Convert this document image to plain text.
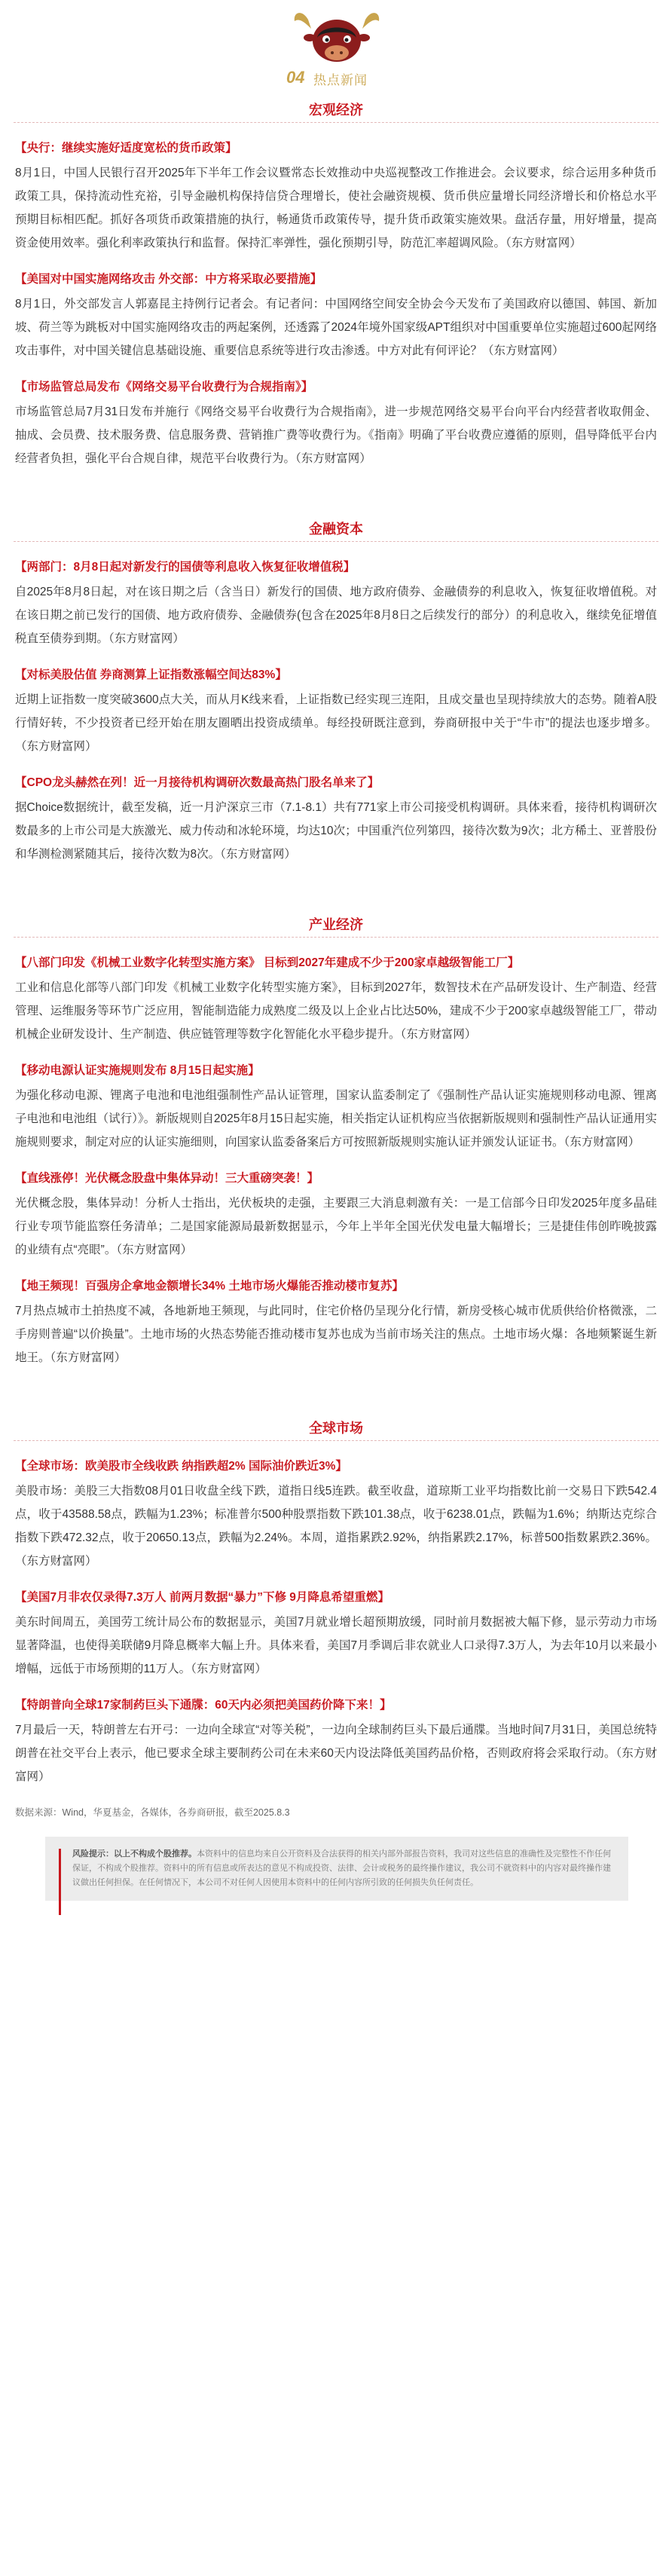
04 热点新闻
宏观经济

【央行：继续实施好适度宽松的货币政策】

8月1日，中国人民银行召开2025年下半年工作会议暨常态长效推动中央巡视整改工作推进会。会议要求，综合运用多种货币政策工具，保持流动性充裕，引导金融机构保持信贷合理增长，使社会融资规模、货币供应量增长同经济增长和价格总水平预期目标相匹配。抓好各项货币政策措施的执行，畅通货币政策传导，提升货币政策实施效果。盘活存量，用好增量，提高资金使用效率。强化利率政策执行和监督。保持汇率弹性，强化预期引导，防范汇率超调风险。（东方财富网）

【美国对中国实施网络攻击 外交部：中方将采取必要措施】

8月1日，外交部发言人郭嘉昆主持例行记者会。有记者问：中国网络空间安全协会今天发布了美国政府以德国、韩国、新加坡、荷兰等为跳板对中国实施网络攻击的两起案例，还透露了2024年境外国家级APT组织对中国重要单位实施超过600起网络攻击事件，对中国关键信息基础设施、重要信息系统等进行攻击渗透。中方对此有何评论？（东方财富网）

【市场监管总局发布《网络交易平台收费行为合规指南》】

市场监管总局7月31日发布并施行《网络交易平台收费行为合规指南》，进一步规范网络交易平台向平台内经营者收取佣金、抽成、会员费、技术服务费、信息服务费、营销推广费等收费行为。《指南》明确了平台收费应遵循的原则，倡导降低平台内经营者负担，强化平台合规自律，规范平台收费行为。（东方财富网）

金融资本

【两部门：8月8日起对新发行的国债等利息收入恢复征收增值税】

自2025年8月8日起，对在该日期之后（含当日）新发行的国债、地方政府债券、金融债券的利息收入，恢复征收增值税。对在该日期之前已发行的国债、地方政府债券、金融债券(包含在2025年8月8日之后续发行的部分）的利息收入，继续免征增值税直至债券到期。（东方财富网）

【对标美股估值 券商测算上证指数涨幅空间达83%】

近期上证指数一度突破3600点大关，而从月K线来看，上证指数已经实现三连阳，且成交量也呈现持续放大的态势。随着A股行情好转，不少投资者已经开始在朋友圈晒出投资成绩单。每经投研既注意到，券商研报中关于“牛市”的提法也逐步增多。（东方财富网）

【CPO龙头赫然在列！近一月接待机构调研次数最高热门股名单来了】

据Choice数据统计，截至发稿，近一月沪深京三市（7.1-8.1）共有771家上市公司接受机构调研。具体来看，接待机构调研次数最多的上市公司是大族激光、威力传动和冰轮环境，均达10次；中国重汽位列第四，接待次数为9次；北方稀土、亚普股份和华测检测紧随其后，接待次数为8次。（东方财富网）

产业经济

【八部门印发《机械工业数字化转型实施方案》 目标到2027年建成不少于200家卓越级智能工厂】

工业和信息化部等八部门印发《机械工业数字化转型实施方案》，目标到2027年，数智技术在产品研发设计、生产制造、经营管理、运维服务等环节广泛应用，智能制造能力成熟度二级及以上企业占比达50%，建成不少于200家卓越级智能工厂，带动机械企业研发设计、生产制造、供应链管理等数字化智能化水平稳步提升。（东方财富网）

【移动电源认证实施规则发布 8月15日起实施】

为强化移动电源、锂离子电池和电池组强制性产品认证管理，国家认监委制定了《强制性产品认证实施规则移动电源、锂离子电池和电池组（试行）》。新版规则自2025年8月15日起实施，相关指定认证机构应当依据新版规则和强制性产品认证通用实施规则要求，制定对应的认证实施细则，向国家认监委备案后方可按照新版规则实施认证并颁发认证证书。（东方财富网）

【直线涨停！光伏概念股盘中集体异动！三大重磅突袭！】

光伏概念股，集体异动！分析人士指出，光伏板块的走强，主要跟三大消息刺激有关：一是工信部今日印发2025年度多晶硅行业专项节能监察任务清单；二是国家能源局最新数据显示，今年上半年全国光伏发电量大幅增长；三是捷佳伟创昨晚披露的业绩有点“亮眼”。（东方财富网）

【地王频现！百强房企拿地金额增长34% 土地市场火爆能否推动楼市复苏】

7月热点城市土拍热度不减，各地新地王频现，与此同时，住宅价格仍呈现分化行情，新房受核心城市优质供给价格微涨，二手房则普遍“以价换量”。土地市场的火热态势能否推动楼市复苏也成为当前市场关注的焦点。土地市场火爆：各地频繁诞生新地王。（东方财富网）

全球市场

【全球市场：欧美股市全线收跌 纳指跌超2% 国际油价跌近3%】

美股市场：美股三大指数08月01日收盘全线下跌，道指日线5连跌。截至收盘，道琼斯工业平均指数比前一交易日下跌542.4点，收于43588.58点，跌幅为1.23%；标准普尔500种股票指数下跌101.38点，收于6238.01点，跌幅为1.6%；纳斯达克综合指数下跌472.32点，收于20650.13点，跌幅为2.24%。本周，道指累跌2.92%，纳指累跌2.17%，标普500指数累跌2.36%。（东方财富网）

【美国7月非农仅录得7.3万人 前两月数据“暴力”下修 9月降息希望重燃】

美东时间周五，美国劳工统计局公布的数据显示，美国7月就业增长超预期放缓，同时前月数据被大幅下修，显示劳动力市场显著降温，也使得美联储9月降息概率大幅上升。具体来看，美国7月季调后非农就业人口录得7.3万人，为去年10月以来最小增幅，远低于市场预期的11万人。（东方财富网）

【特朗普向全球17家制药巨头下通牒：60天内必须把美国药价降下来！】

7月最后一天，特朗普左右开弓：一边向全球宣“对等关税”，一边向全球制药巨头下最后通牒。当地时间7月31日，美国总统特朗普在社交平台上表示，他已要求全球主要制药公司在未来60天内设法降低美国药品价格，否则政府将会采取行动。（东方财富网）

数据来源：Wind，华夏基金，各媒体，各券商研报，截至2025.8.3

风险提示：以上不构成个股推荐。本资料中的信息均来自公开资料及合法获得的相关内部外部报告资料，我司对这些信息的准确性及完整性不作任何保证，不构成个股推荐。资料中的所有信息或所表达的意见不构成投资、法律、会计或税务的最终操作建议，我公司不就资料中的内容对最终操作建议做出任何担保。在任何情况下，本公司不对任何人因使用本资料中的任何内容所引致的任何损失负任何责任。
